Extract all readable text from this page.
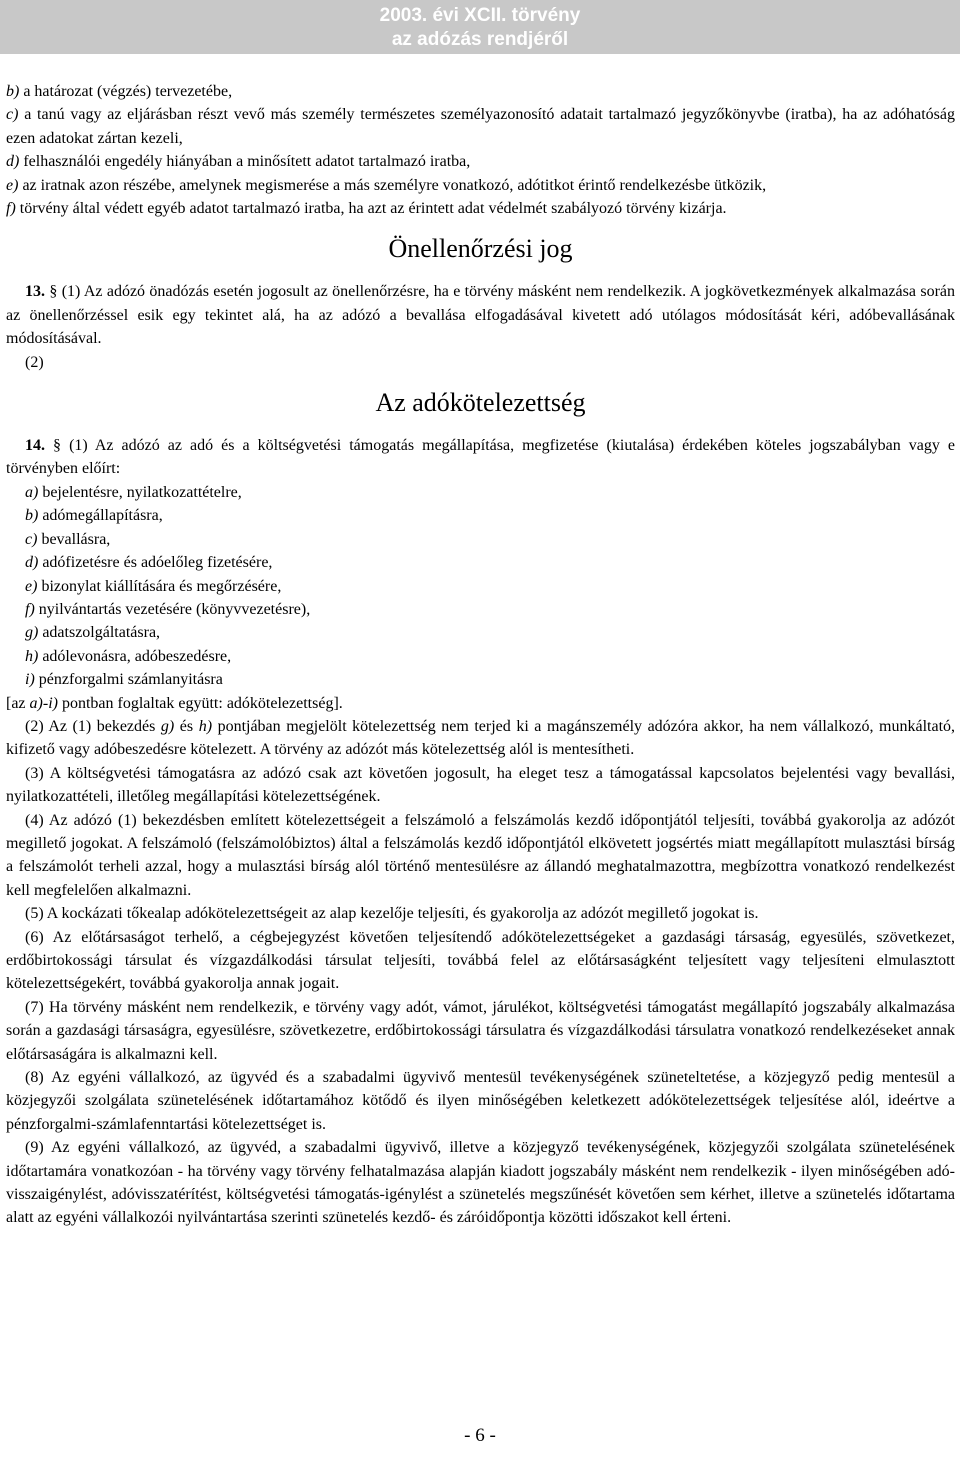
2003. évi XCII. törvény
az adózás rendjéről

b) a határozat (végzés) tervezetébe,

c) a tanú vagy az eljárásban részt vevő más személy természetes személyazonosító adatait tartalmazó jegyzőkönyvbe (iratba), ha az adóhatóság ezen adatokat zártan kezeli,

d) felhasználói engedély hiányában a minősített adatot tartalmazó iratba,

e) az iratnak azon részébe, amelynek megismerése a más személyre vonatkozó, adótitkot érintő rendelkezésbe ütközik,

f) törvény által védett egyéb adatot tartalmazó iratba, ha azt az érintett adat védelmét szabályozó törvény kizárja.

Önellenőrzési jog

13. § (1) Az adózó önadózás esetén jogosult az önellenőrzésre, ha e törvény másként nem rendelkezik. A jogkövetkezmények alkalmazása során az önellenőrzéssel esik egy tekintet alá, ha az adózó a bevallása elfogadásával kivetett adó utólagos módosítását kéri, adóbevallásának módosításával.

(2)

Az adókötelezettség

14. § (1) Az adózó az adó és a költségvetési támogatás megállapítása, megfizetése (kiutalása) érdekében köteles jogszabályban vagy e törvényben előírt:

a) bejelentésre, nyilatkozattételre,

b) adómegállapításra,

c) bevallásra,

d) adófizetésre és adóelőleg fizetésére,

e) bizonylat kiállítására és megőrzésére,

f) nyilvántartás vezetésére (könyvvezetésre),

g) adatszolgáltatásra,

h) adólevonásra, adóbeszedésre,

i) pénzforgalmi számlanyitásra

[az a)-i) pontban foglaltak együtt: adókötelezettség].

(2) Az (1) bekezdés g) és h) pontjában megjelölt kötelezettség nem terjed ki a magánszemély adózóra akkor, ha nem vállalkozó, munkáltató, kifizető vagy adóbeszedésre kötelezett. A törvény az adózót más kötelezettség alól is mentesítheti.

(3) A költségvetési támogatásra az adózó csak azt követően jogosult, ha eleget tesz a támogatással kapcsolatos bejelentési vagy bevallási, nyilatkozattételi, illetőleg megállapítási kötelezettségének.

(4) Az adózó (1) bekezdésben említett kötelezettségeit a felszámoló a felszámolás kezdő időpontjától teljesíti, továbbá gyakorolja az adózót megillető jogokat. A felszámoló (felszámolóbiztos) által a felszámolás kezdő időpontjától elkövetett jogsértés miatt megállapított mulasztási bírság a felszámolót terheli azzal, hogy a mulasztási bírság alól történő mentesülésre az állandó meghatalmazottra, megbízottra vonatkozó rendelkezést kell megfelelően alkalmazni.

(5) A kockázati tőkealap adókötelezettségeit az alap kezelője teljesíti, és gyakorolja az adózót megillető jogokat is.

(6) Az előtársaságot terhelő, a cégbejegyzést követően teljesítendő adókötelezettségeket a gazdasági társaság, egyesülés, szövetkezet, erdőbirtokossági társulat és vízgazdálkodási társulat teljesíti, továbbá felel az előtársaságként teljesített vagy teljesíteni elmulasztott kötelezettségekért, továbbá gyakorolja annak jogait.

(7) Ha törvény másként nem rendelkezik, e törvény vagy adót, vámot, járulékot, költségvetési támogatást megállapító jogszabály alkalmazása során a gazdasági társaságra, egyesülésre, szövetkezetre, erdőbirtokossági társulatra és vízgazdálkodási társulatra vonatkozó rendelkezéseket annak előtársaságára is alkalmazni kell.

(8) Az egyéni vállalkozó, az ügyvéd és a szabadalmi ügyvivő mentesül tevékenységének szüneteltetése, a közjegyző pedig mentesül a közjegyzői szolgálata szünetelésének időtartamához kötődő és ilyen minőségében keletkezett adókötelezettségek teljesítése alól, ideértve a pénzforgalmi-számlafenntartási kötelezettséget is.

(9) Az egyéni vállalkozó, az ügyvéd, a szabadalmi ügyvivő, illetve a közjegyző tevékenységének, közjegyzői szolgálata szünetelésének időtartamára vonatkozóan - ha törvény vagy törvény felhatalmazása alapján kiadott jogszabály másként nem rendelkezik - ilyen minőségében adó-visszaigénylést, adóvisszatérítést, költségvetési támogatás-igénylést a szünetelés megszűnését követően sem kérhet, illetve a szünetelés időtartama alatt az egyéni vállalkozói nyilvántartása szerinti szünetelés kezdő- és záróidőpontja közötti időszakot kell érteni.

- 6 -
